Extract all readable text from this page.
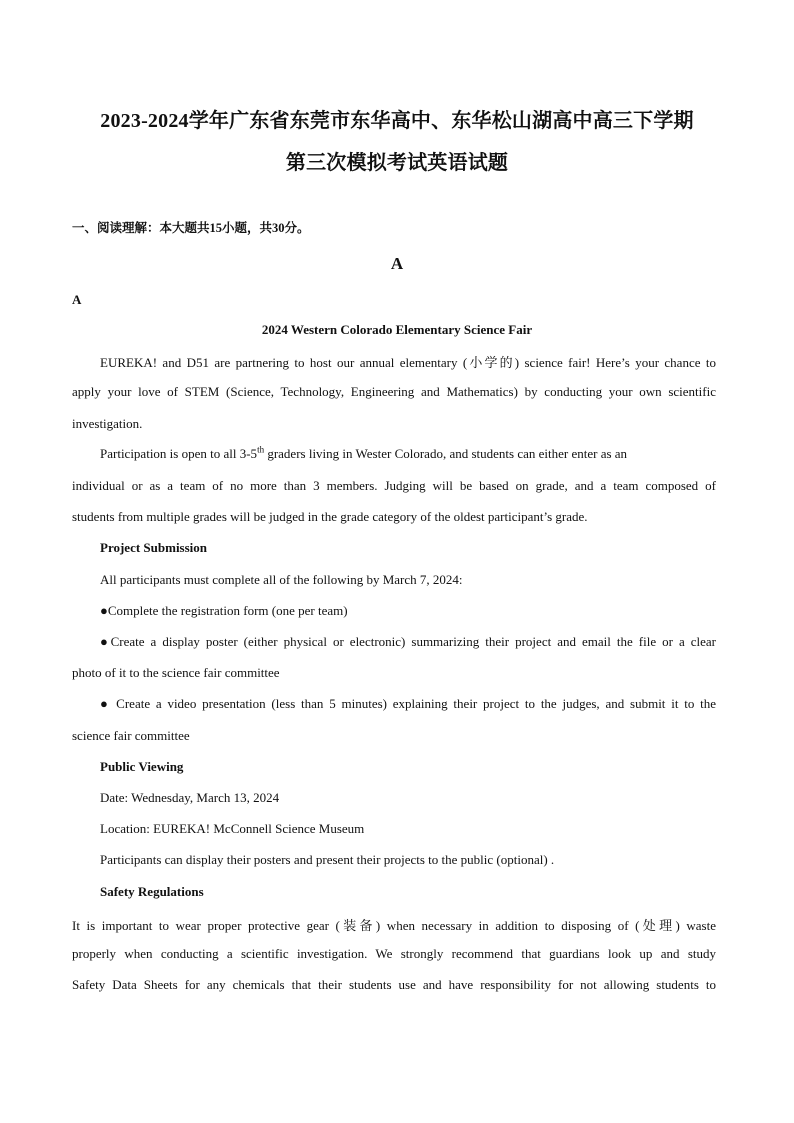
2023-2024学年广东省东莞市东华高中、东华松山湖高中高三下学期
第三次模拟考试英语试题
一、阅读理解：本大题共15小题，共30分。
A
A
2024 Western Colorado Elementary Science Fair
EUREKA! and D51 are partnering to host our annual elementary (小学的) science fair! Here’s your chance to
apply your love of STEM (Science, Technology, Engineering and Mathematics) by conducting your own scientific
investigation.
Participation is open to all 3-5th graders living in Wester Colorado, and students can either enter as an
individual or as a team of no more than 3 members. Judging will be based on grade, and a team composed of
students from multiple grades will be judged in the grade category of the oldest participant’s grade.
Project Submission
All participants must complete all of the following by March 7, 2024:
●Complete the registration form (one per team)
●Create a display poster (either physical or electronic) summarizing their project and email the file or a clear
photo of it to the science fair committee
● Create a video presentation (less than 5 minutes) explaining their project to the judges, and submit it to the
science fair committee
Public Viewing
Date: Wednesday, March 13, 2024
Location: EUREKA! McConnell Science Museum
Participants can display their posters and present their projects to the public (optional) .
Safety Regulations
It is important to wear proper protective gear (装备) when necessary in addition to disposing of (处理) waste
properly when conducting a scientific investigation. We strongly recommend that guardians look up and study
Safety Data Sheets for any chemicals that their students use and have responsibility for not allowing students to
